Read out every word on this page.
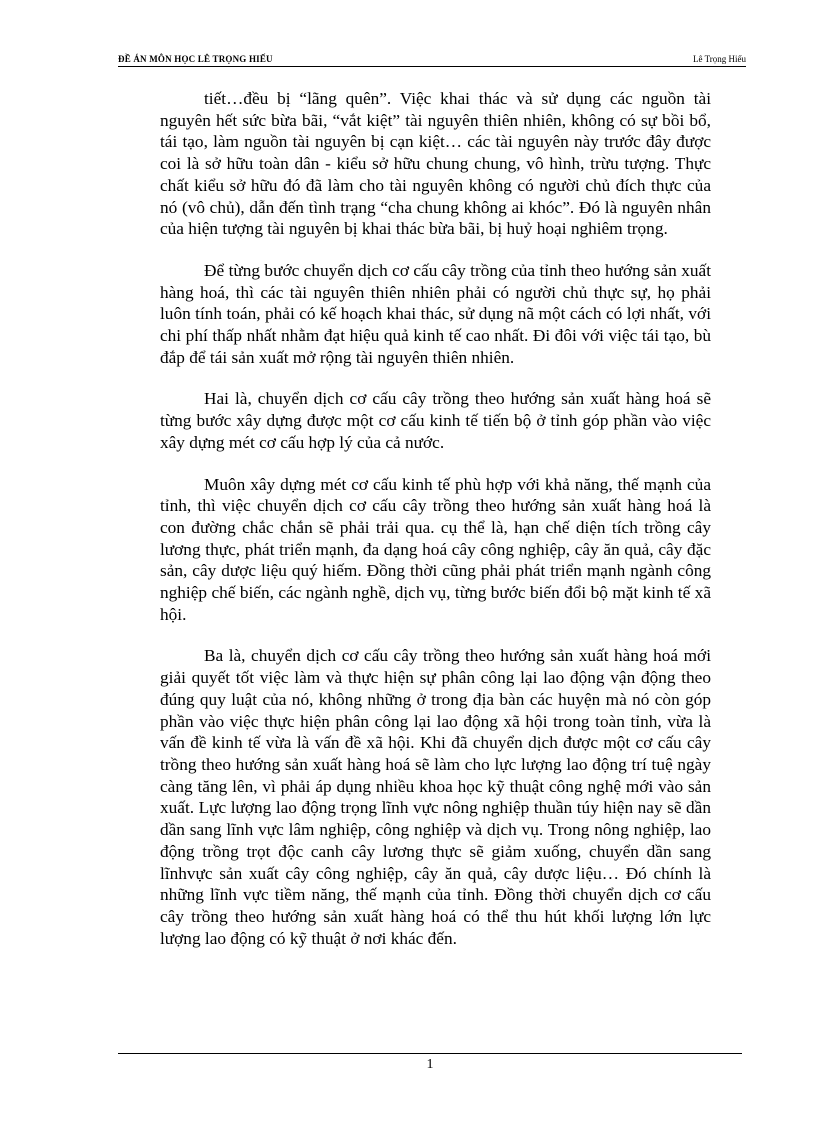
ĐỀ ÁN MÔN HỌC LÊ TRỌNG HIẾU	Lê Trọng Hiếu

tiết…đều bị “lãng quên”. Việc khai thác và sử dụng các nguồn tài nguyên hết sức bừa bãi, “vắt kiệt” tài nguyên thiên nhiên, không có sự bồi bổ, tái tạo, làm nguồn tài nguyên bị cạn kiệt… các tài nguyên này trước đây được coi là sở hữu toàn dân - kiểu sở hữu chung chung, vô hình, trừu tượng. Thực chất kiểu sở hữu đó đã làm cho tài nguyên không có người chủ đích thực của nó (vô chủ), dẫn đến tình trạng “cha chung không ai khóc”. Đó là nguyên nhân của hiện tượng tài nguyên bị khai thác bừa bãi, bị huỷ hoại nghiêm trọng.

Để từng bước chuyển dịch cơ cấu cây trồng của tỉnh theo hướng sản xuất hàng hoá, thì các tài nguyên thiên nhiên phải có người chủ thực sự, họ phải luôn tính toán, phải có kế hoạch khai thác, sử dụng nã một cách có lợi nhất, với chi phí thấp nhất nhằm đạt hiệu quả kinh tế cao nhất. Đi đôi với việc tái tạo, bù đắp để tái sản xuất mở rộng tài nguyên thiên nhiên.

Hai là, chuyển dịch cơ cấu cây trồng theo hướng sản xuất hàng hoá sẽ từng bước xây dựng được một cơ cấu kinh tế tiến bộ ở tỉnh góp phần vào việc xây dựng mét cơ cấu hợp lý của cả nước.

Muôn xây dựng mét cơ cấu kinh tế phù hợp với khả năng, thế mạnh của tỉnh, thì việc chuyển dịch cơ cấu cây trồng theo hướng sản xuất hàng hoá là con đường chắc chắn sẽ phải trải qua. cụ thể là, hạn chế diện tích trồng cây lương thực, phát triển mạnh, đa dạng hoá cây công nghiệp, cây ăn quả, cây đặc sản, cây dược liệu quý hiếm. Đồng thời cũng phải phát triển mạnh ngành công nghiệp chế biến, các ngành nghề, dịch vụ, từng bước biến đổi bộ mặt kinh tế xã hội.

Ba là, chuyển dịch cơ cấu cây trồng theo hướng sản xuất hàng hoá mới giải quyết tốt việc làm và thực hiện sự phân công lại lao động vận động theo đúng quy luật của nó, không những ở trong địa bàn các huyện mà nó còn góp phần vào việc thực hiện phân công lại lao động xã hội trong toàn tỉnh, vừa là vấn đề kinh tế vừa là vấn đề xã hội. Khi đã chuyển dịch được một cơ cấu cây trồng theo hướng sản xuất hàng hoá sẽ làm cho lực lượng lao động trí tuệ ngày càng tăng lên, vì phải áp dụng nhiều khoa học kỹ thuật công nghệ mới vào sản xuất. Lực lượng lao động trọng lĩnh vực nông nghiệp thuần túy hiện nay sẽ dần dần sang lĩnh vực lâm nghiệp, công nghiệp và dịch vụ. Trong nông nghiệp, lao động trồng trọt độc canh cây lương thực sẽ giảm xuống, chuyển dần sang lĩnhvực sản xuất cây công nghiệp, cây ăn quả, cây dược liệu… Đó chính là những lĩnh vực tiềm năng, thế mạnh của tỉnh. Đồng thời chuyển dịch cơ cấu cây trồng theo hướng sản xuất hàng hoá có thể thu hút khối lượng lớn lực lượng lao động có kỹ thuật ở nơi khác đến.

1
